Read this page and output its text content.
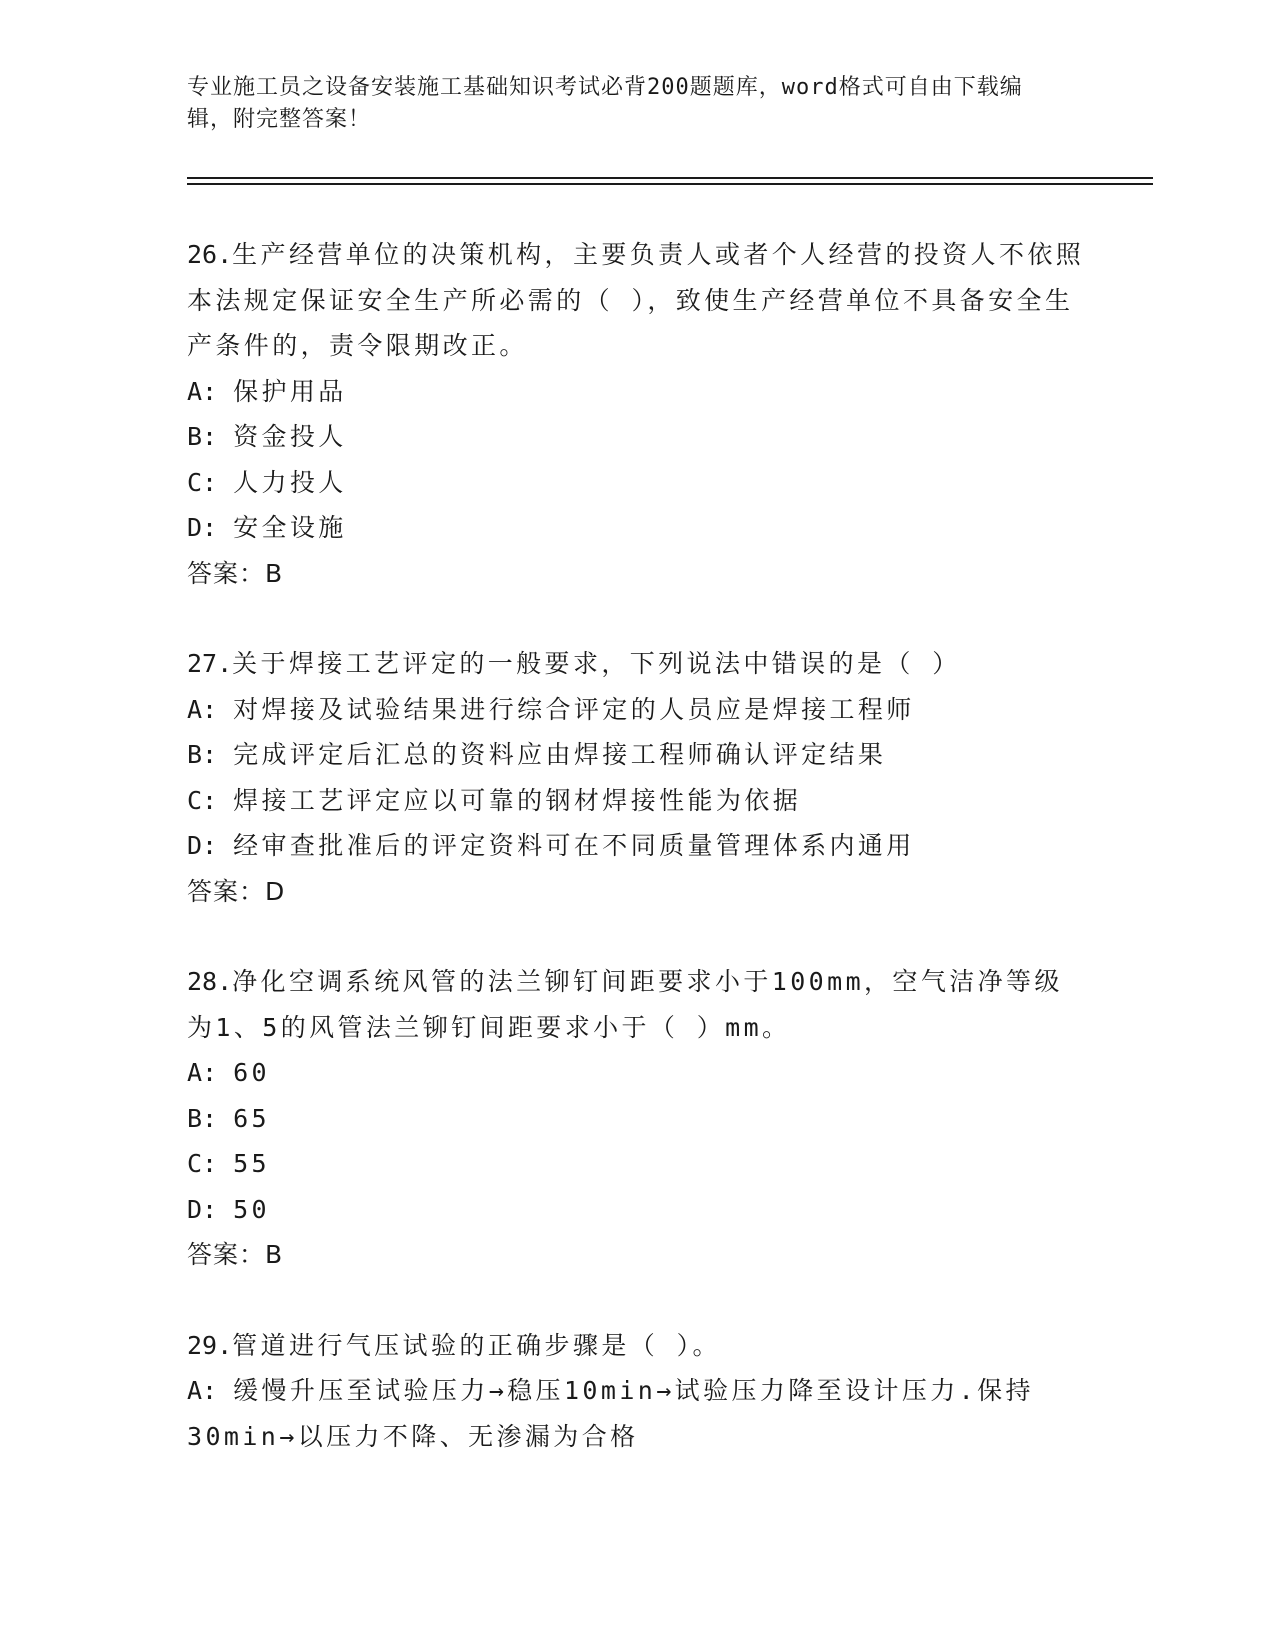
专业施工员之设备安装施工基础知识考试必背200题题库，word格式可自由下载编辑，附完整答案！

26.生产经营单位的决策机构，主要负责人或者个人经营的投资人不依照本法规定保证安全生产所必需的（ ），致使生产经营单位不具备安全生产条件的，责令限期改正。

A: 保护用品

B: 资金投人

C: 人力投人

D: 安全设施

答案：B

27.关于焊接工艺评定的一般要求，下列说法中错误的是（ ）

A: 对焊接及试验结果进行综合评定的人员应是焊接工程师

B: 完成评定后汇总的资料应由焊接工程师确认评定结果

C: 焊接工艺评定应以可靠的钢材焊接性能为依据

D: 经审查批准后的评定资料可在不同质量管理体系内通用

答案：D

28.净化空调系统风管的法兰铆钉间距要求小于100mm，空气洁净等级为1、5的风管法兰铆钉间距要求小于（ ）mm。

A: 60

B: 65

C: 55

D: 50

答案：B

29.管道进行气压试验的正确步骤是（ ）。

A: 缓慢升压至试验压力→稳压10min→试验压力降至设计压力.保持30min→以压力不降、无渗漏为合格
